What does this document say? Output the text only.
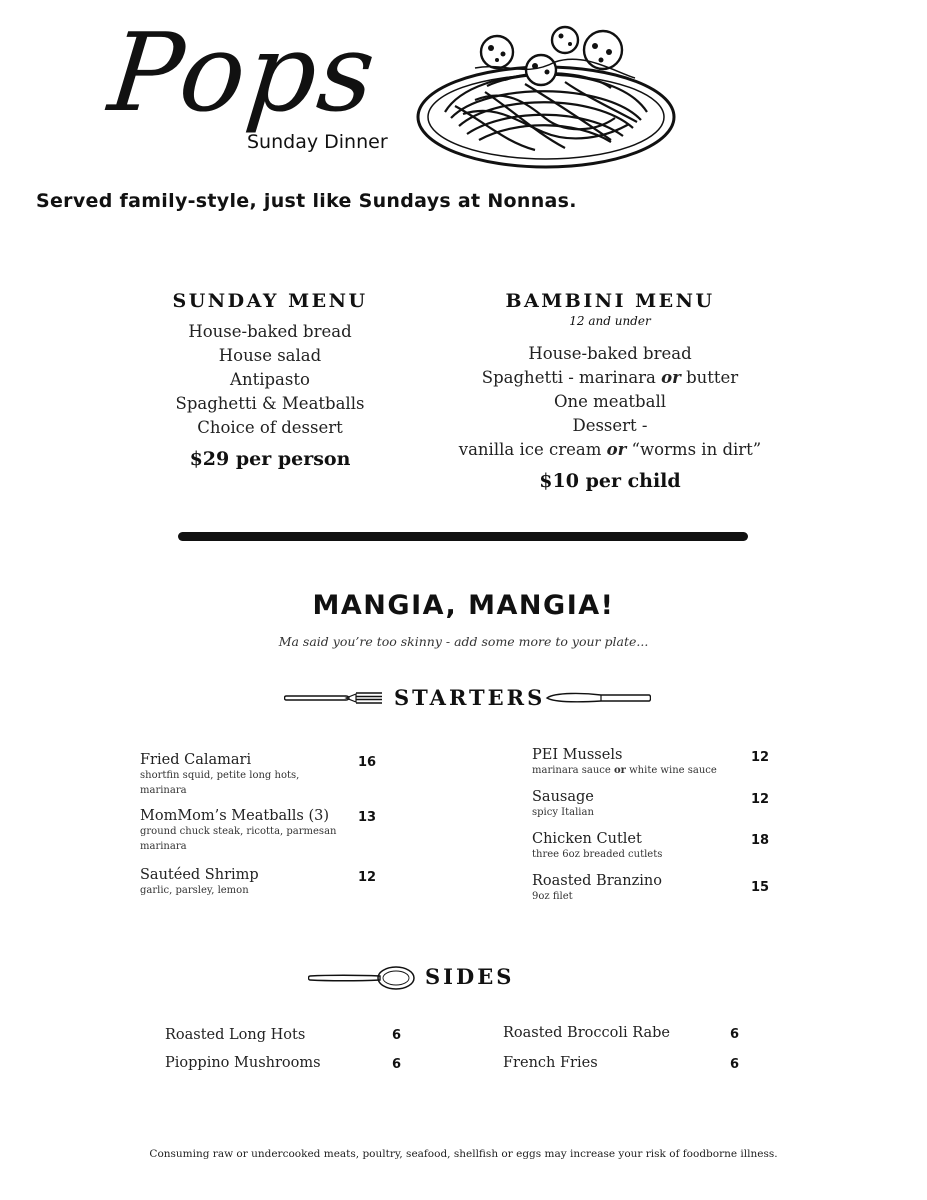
Pops
Sunday Dinner
Served family-style, just like Sundays at Nonnas.
SUNDAY MENU
House-baked bread
House salad
Antipasto
Spaghetti & Meatballs
Choice of dessert
$29 per person
BAMBINI MENU
12 and under
House-baked bread
Spaghetti - marinara or butter
One meatball
Dessert -
vanilla ice cream or “worms in dirt”
$10 per child
MANGIA, MANGIA!
Ma said you’re too skinny - add some more to your plate...
STARTERS
Fried Calamari
shortfin squid, petite long hots,
marinara
16
MomMom’s Meatballs (3)
ground chuck steak, ricotta, parmesan
marinara
13
Sautéed Shrimp
garlic, parsley, lemon
12
PEI Mussels
marinara sauce or white wine sauce
12
Sausage
spicy Italian
12
Chicken Cutlet
three 6oz breaded cutlets
18
Roasted Branzino
9oz filet
15
SIDES
Roasted Long Hots	6
Pioppino Mushrooms	6
Roasted Broccoli Rabe	6
French Fries	6
Consuming raw or undercooked meats, poultry, seafood, shellfish or eggs may increase your risk of foodborne illness.
